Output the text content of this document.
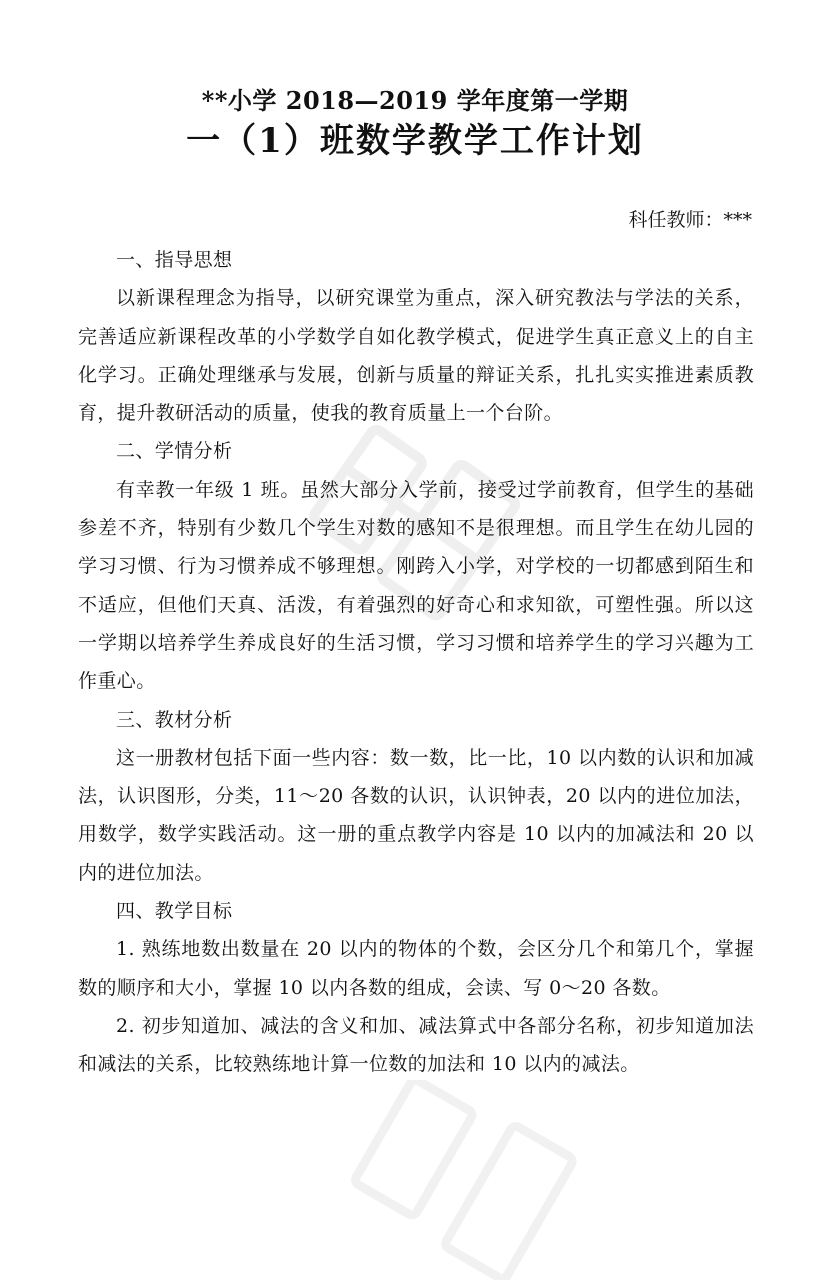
**小学 2018—2019 学年度第一学期
一（1）班数学教学工作计划
科任教师：***

一、指导思想

以新课程理念为指导，以研究课堂为重点，深入研究教法与学法的关系，完善适应新课程改革的小学数学自如化教学模式，促进学生真正意义上的自主化学习。正确处理继承与发展，创新与质量的辩证关系，扎扎实实推进素质教育，提升教研活动的质量，使我的教育质量上一个台阶。

二、学情分析

有幸教一年级 1 班。虽然大部分入学前，接受过学前教育，但学生的基础参差不齐，特别有少数几个学生对数的感知不是很理想。而且学生在幼儿园的学习习惯、行为习惯养成不够理想。刚跨入小学，对学校的一切都感到陌生和不适应，但他们天真、活泼，有着强烈的好奇心和求知欲，可塑性强。所以这一学期以培养学生养成良好的生活习惯，学习习惯和培养学生的学习兴趣为工作重心。

三、教材分析

这一册教材包括下面一些内容：数一数，比一比，10 以内数的认识和加减法，认识图形，分类，11～20 各数的认识，认识钟表，20 以内的进位加法，用数学，数学实践活动。这一册的重点教学内容是 10 以内的加减法和 20 以内的进位加法。

四、教学目标

1. 熟练地数出数量在 20 以内的物体的个数，会区分几个和第几个，掌握数的顺序和大小，掌握 10 以内各数的组成，会读、写 0～20 各数。

2. 初步知道加、减法的含义和加、减法算式中各部分名称，初步知道加法和减法的关系，比较熟练地计算一位数的加法和 10 以内的减法。
